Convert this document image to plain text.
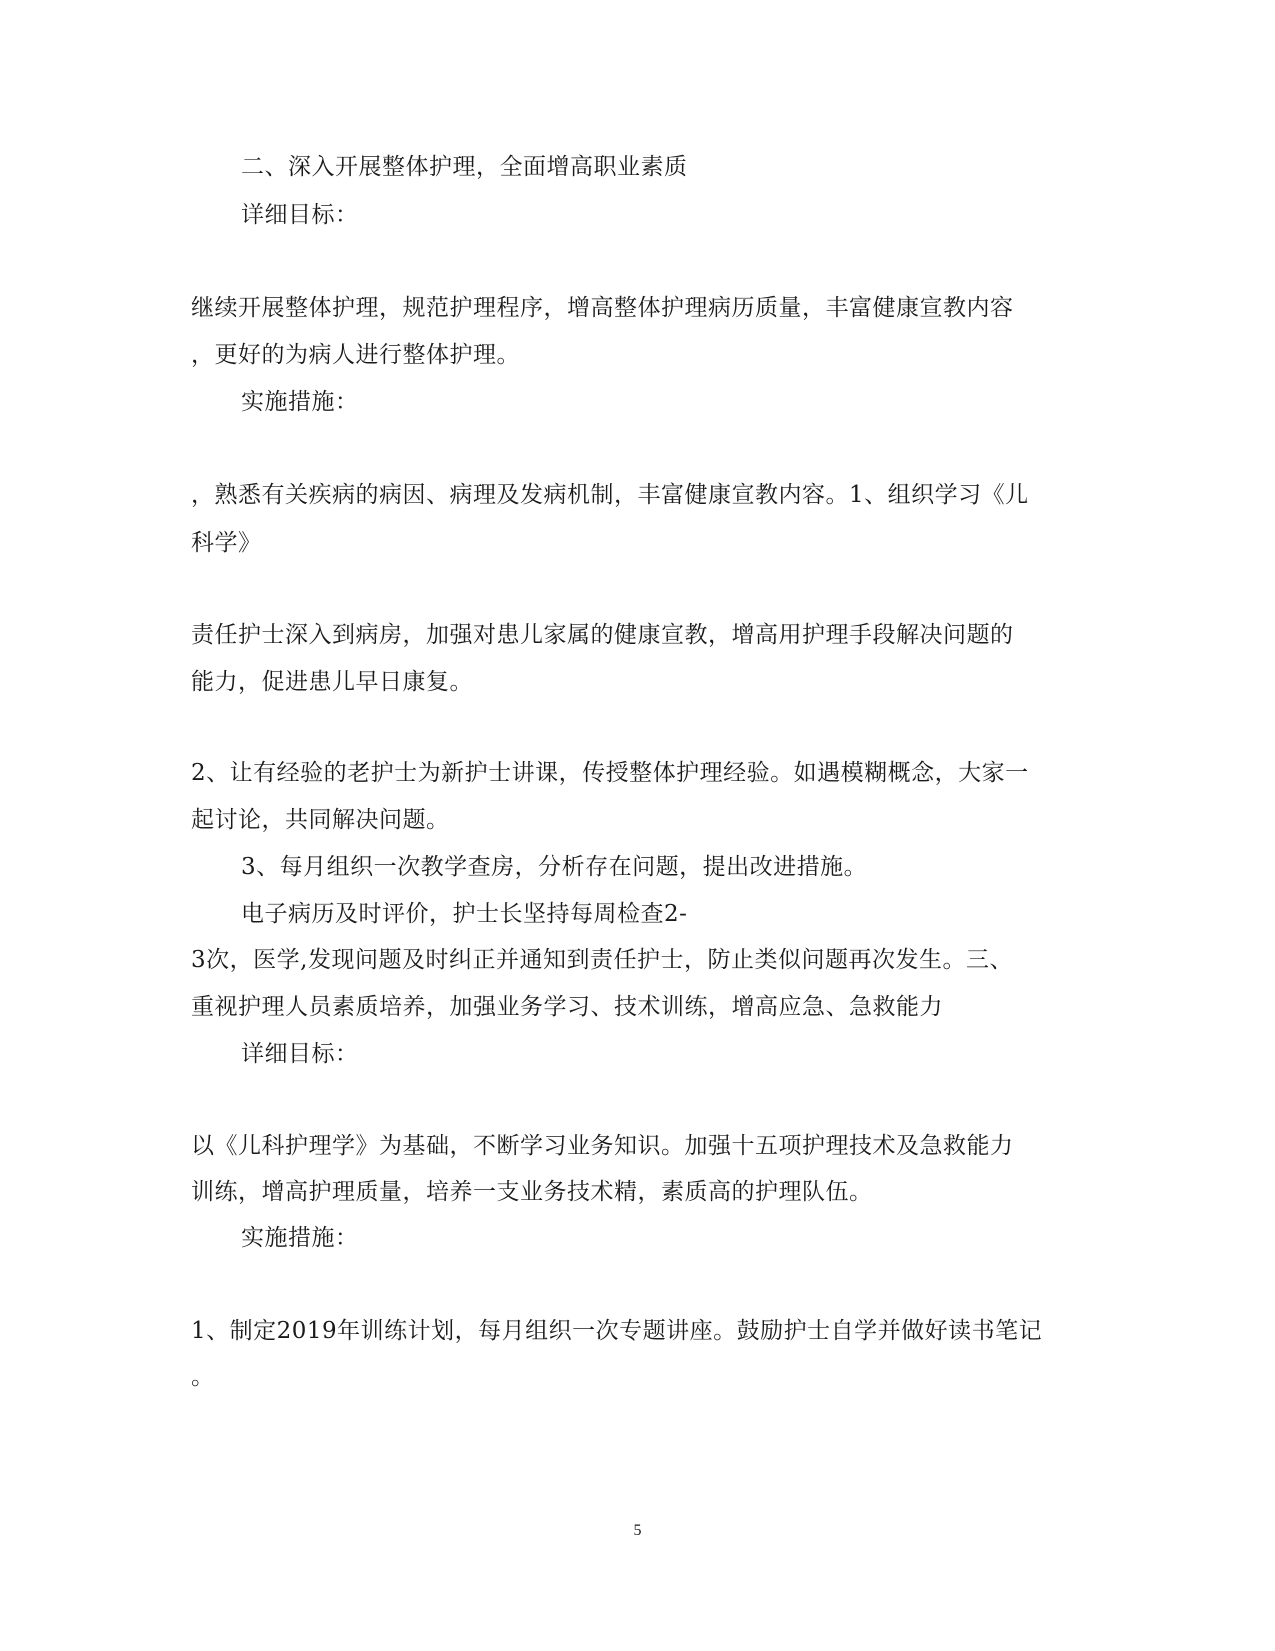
二、深入开展整体护理，全面增高职业素质
详细目标：
继续开展整体护理，规范护理程序，增高整体护理病历质量，丰富健康宣教内容
，更好的为病人进行整体护理。
实施措施：
，熟悉有关疾病的病因、病理及发病机制，丰富健康宣教内容。1、组织学习《儿
科学》
责任护士深入到病房，加强对患儿家属的健康宣教，增高用护理手段解决问题的
能力，促进患儿早日康复。
2、让有经验的老护士为新护士讲课，传授整体护理经验。如遇模糊概念，大家一
起讨论，共同解决问题。
3、每月组织一次教学查房，分析存在问题，提出改进措施。
电子病历及时评价，护士长坚持每周检查2-
3次，医学,发现问题及时纠正并通知到责任护士，防止类似问题再次发生。三、
重视护理人员素质培养，加强业务学习、技术训练，增高应急、急救能力
详细目标：
以《儿科护理学》为基础，不断学习业务知识。加强十五项护理技术及急救能力
训练，增高护理质量，培养一支业务技术精，素质高的护理队伍。
实施措施：
1、制定2019年训练计划，每月组织一次专题讲座。鼓励护士自学并做好读书笔记
。
5
